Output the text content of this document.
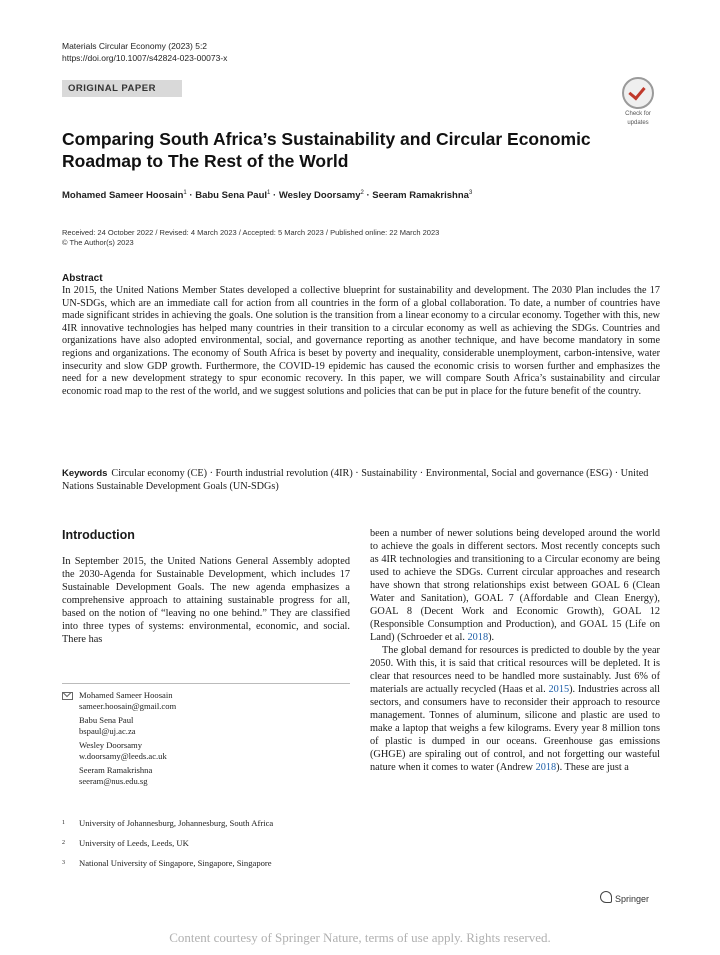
Materials Circular Economy (2023) 5:2
https://doi.org/10.1007/s42824-023-00073-x
ORIGINAL PAPER
Check for
updates
Comparing South Africa’s Sustainability and Circular Economic Roadmap to The Rest of the World
Mohamed Sameer Hoosain$^1$ · Babu Sena Paul$^1$ · Wesley Doorsamy$^2$ · Seeram Ramakrishna$^3$
Received: 24 October 2022 / Revised: 4 March 2023 / Accepted: 5 March 2023 / Published online: 22 March 2023
© The Author(s) 2023
Abstract
In 2015, the United Nations Member States developed a collective blueprint for sustainability and development. The 2030 Plan includes the 17 UN-SDGs, which are an immediate call for action from all countries in the form of a global collaboration. To date, a number of countries have made significant strides in achieving the goals. One solution is the transition from a linear economy to a circular economy. Together with this, new 4IR innovative technologies has helped many countries in their transition to a circular economy as well as achieving the SDGs. Countries and organizations have also adopted environmental, social, and governance reporting as another technique, and have become mandatory in some regions and organizations. The economy of South Africa is beset by poverty and inequality, considerable unemployment, carbon-intensive, water insecurity and slow GDP growth. Furthermore, the COVID-19 epidemic has caused the economic crisis to worsen further and emphasizes the need for a new development strategy to spur economic recovery. In this paper, we will compare South Africa’s sustainability and circular economic road map to the rest of the world, and we suggest solutions and policies that can be put in place for the future benefit of the country.
Keywords Circular economy (CE) · Fourth industrial revolution (4IR) · Sustainability · Environmental, Social and governance (ESG) · United Nations Sustainable Development Goals (UN-SDGs)
Introduction
In September 2015, the United Nations General Assembly adopted the 2030-Agenda for Sustainable Development, which includes 17 Sustainable Development Goals. The new agenda emphasizes a comprehensive approach to attaining sustainable progress for all, based on the notion of “leaving no one behind.” They are classified into three types of systems: environmental, economic, and social. There has

been a number of newer solutions being developed around the world to achieve the goals in different sectors. Most recently concepts such as 4IR technologies and transitioning to a Circular economy are being used to achieve the SDGs. Current circular approaches and research have shown that strong relationships exist between GOAL 6 (Clean Water and Sanitation), GOAL 7 (Affordable and Clean Energy), GOAL 8 (Decent Work and Economic Growth), GOAL 12 (Responsible Consumption and Production), and GOAL 15 (Life on Land) (Schroeder et al. 2018).

The global demand for resources is predicted to double by the year 2050. With this, it is said that critical resources will be depleted. It is clear that resources need to be handled more sustainably. Just 6% of materials are actually recycled (Haas et al. 2015). Industries across all sectors, and consumers have to reconsider their approach to resource management. Tonnes of aluminum, silicone and plastic are used to make a laptop that weighs a few kilograms. Every year 8 million tons of plastic is dumped in our oceans. Greenhouse gas emissions (GHGE) are spiraling out of control, and not forgetting our wasteful nature when it comes to water (Andrew 2018). These are just a

Mohamed Sameer Hoosain
sameer.hoosain@gmail.com
Babu Sena Paul
bspaul@uj.ac.za
Wesley Doorsamy
w.doorsamy@leeds.ac.uk
Seeram Ramakrishna
seeram@nus.edu.sg
1 University of Johannesburg, Johannesburg, South Africa
2 University of Leeds, Leeds, UK
3 National University of Singapore, Singapore, Singapore
Springer
Content courtesy of Springer Nature, terms of use apply. Rights reserved.
